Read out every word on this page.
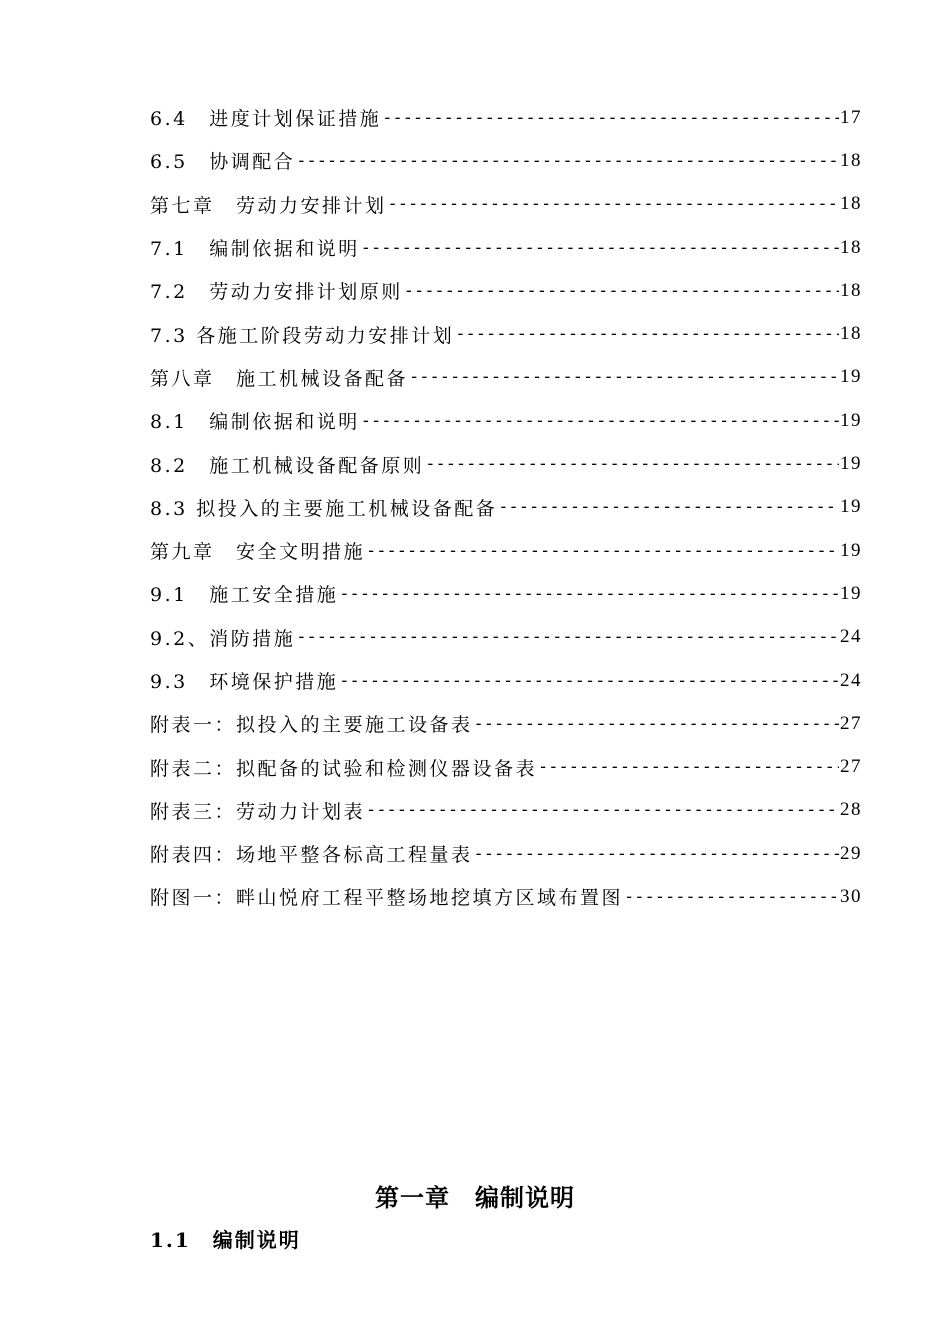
6.4　进度计划保证措施 -----	17
6.5　协调配合 -----	18
第七章　劳动力安排计划 -----	18
7.1　编制依据和说明 -----	18
7.2　劳动力安排计划原则 -----	18
7.3 各施工阶段劳动力安排计划 -----	18
第八章　施工机械设备配备 -----	19
8.1　编制依据和说明 -----	19
8.2　施工机械设备配备原则 -----	19
8.3 拟投入的主要施工机械设备配备 -----	19
第九章　安全文明措施 -----	19
9.1　施工安全措施 -----	19
9.2、消防措施 -----	24
9.3　环境保护措施 -----	24
附表一：拟投入的主要施工设备表 -----	27
附表二：拟配备的试验和检测仪器设备表 -----	27
附表三：劳动力计划表 -----	28
附表四：场地平整各标高工程量表 -----	29
附图一：畔山悦府工程平整场地挖填方区域布置图 -----	30
第一章　编制说明
1.1　编制说明
